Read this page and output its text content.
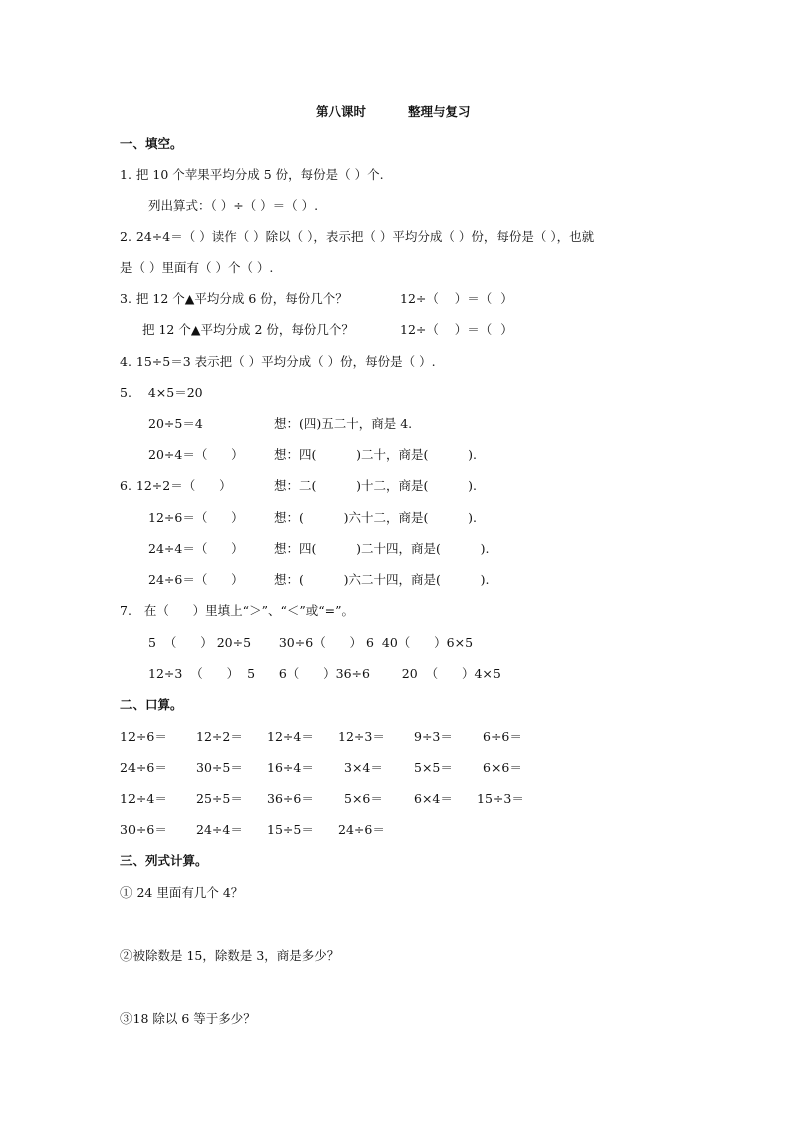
第八课时	整理与复习
一、填空。
1. 把 10 个苹果平均分成 5 份，每份是（ ）个.
列出算式：（ ）÷（ ）＝（ ）.
2. 24÷4＝（ ）读作（ ）除以（ ），表示把（ ）平均分成（ ）份，每份是（ ），也就
是（ ）里面有（ ）个（ ）.
3. 把 12 个▲平均分成 6 份，每份几个？	12÷（    ）＝（  ）
把 12 个▲平均分成 2 份，每份几个？	12÷（    ）＝（  ）
4. 15÷5＝3 表示把（ ）平均分成（ ）份，每份是（ ）.
5.    4×5＝20
20÷5＝4	想：(四)五二十，商是 4.
20÷4＝（      ） 想：四(          )二十，商是(          ).
6. 12÷2＝（      ）	想：二(          )十二，商是(          ).
12÷6＝（      ） 想：(          )六十二，商是(          ).
24÷4＝（      ） 想：四(          )二十四，商是(          ).
24÷6＝（      ） 想：(          )六二十四，商是(          ).
7.   在（      ）里填上“＞”、“＜”或“=”。
5  （      ） 20÷5       30÷6（      ） 6  40（      ）6×5
12÷3  （      ）  5      6（      ）36÷6        20  （      ）4×5
二、口算。
12÷6＝ 12÷2＝ 12÷4＝ 12÷3＝ 9÷3＝ 6÷6＝
24÷6＝ 30÷5＝ 16÷4＝ 3×4＝ 5×5＝ 6×6＝
12÷4＝ 25÷5＝ 36÷6＝ 5×6＝ 6×4＝ 15÷3＝
30÷6＝ 24÷4＝ 15÷5＝ 24÷6＝
三、列式计算。
① 24 里面有几个 4？
②被除数是 15，除数是 3，商是多少？
③18 除以 6 等于多少？
